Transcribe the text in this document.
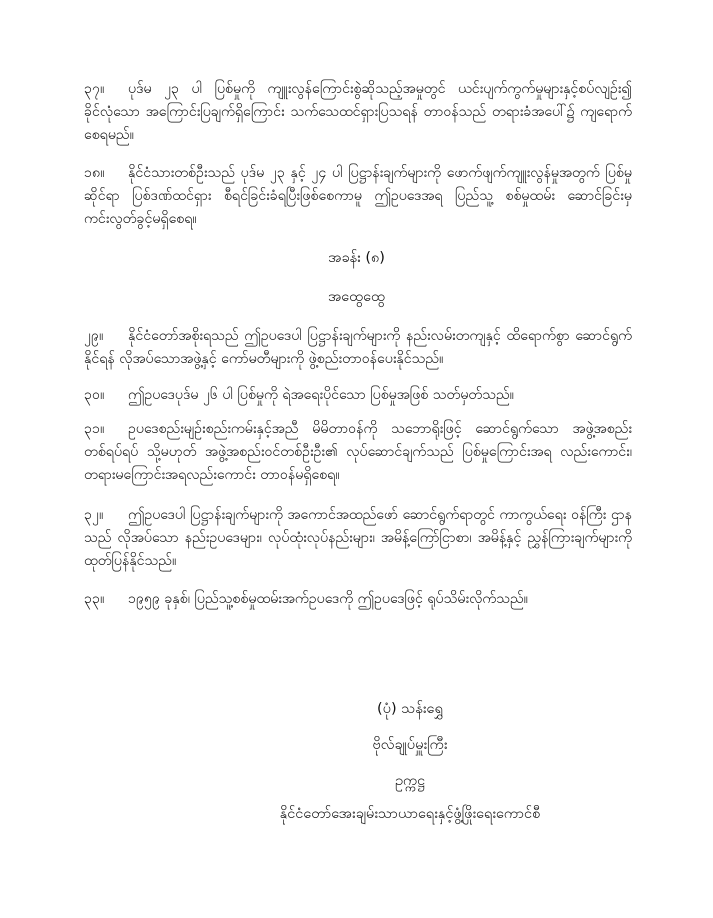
၃၇။ ပုဒ်မ ၂၃ ပါ ပြစ်မှုကို ကျူးလွန်ကြောင်းစွဲဆိုသည့်အမှုတွင် ယင်းပျက်ကွက်မှုများနှင့်စပ်လျဉ်း၍ ခိုင်လုံသော အကြောင်းပြချက်ရှိကြောင်း သက်သေထင်ရှားပြသရန် တာဝန်သည် တရားခံအပေါ်၌ ကျရောက်စေရမည်။

၁၈။ နိုင်ငံသားတစ်ဦးသည် ပုဒ်မ ၂၃ နှင့် ၂၄ ပါ ပြဋ္ဌာန်းချက်များကို ဖောက်ဖျက်ကျူးလွန်မှုအတွက် ပြစ်မှုဆိုင်ရာ ပြစ်ဒဏ်ထင်ရှား စီရင်ခြင်းခံရပြီးဖြစ်စေကာမူ ဤဥပဒေအရ ပြည်သူ့ စစ်မှုထမ်း ဆောင်ခြင်းမှ ကင်းလွတ်ခွင့်မရှိစေရ။

အခန်း (၈)

အထွေထွေ

၂၉။ နိုင်ငံတော်အစိုးရသည် ဤဥပဒေပါ ပြဋ္ဌာန်းချက်များကို နည်းလမ်းတကျနှင့် ထိရောက်စွာ ဆောင်ရွက်နိုင်ရန် လိုအပ်သောအဖွဲ့နှင့် ကော်မတီများကို ဖွဲ့စည်းတာဝန်ပေးနိုင်သည်။

၃၀။ ဤဥပဒေပုဒ်မ ၂၆ ပါ ပြစ်မှုကို ရဲအရေးပိုင်သော ပြစ်မှုအဖြစ် သတ်မှတ်သည်။

၃၁။ ဥပဒေစည်းမျဉ်းစည်းကမ်းနှင့်အညီ မိမိတာဝန်ကို သဘောရိုးဖြင့် ဆောင်ရွက်သော အဖွဲ့အစည်း တစ်ရပ်ရပ် သို့မဟုတ် အဖွဲ့အစည်းဝင်တစ်ဦးဦး၏ လုပ်ဆောင်ချက်သည် ပြစ်မှုကြောင်းအရ လည်းကောင်း၊ တရားမကြောင်းအရလည်းကောင်း တာဝန်မရှိစေရ။

၃၂။ ဤဥပဒေပါ ပြဋ္ဌာန်းချက်များကို အကောင်အထည်ဖော် ဆောင်ရွက်ရာတွင် ကာကွယ်ရေး ဝန်ကြီး ဌာနသည် လိုအပ်သော နည်းဥပဒေများ၊ လုပ်ထုံးလုပ်နည်းများ၊ အမိန့်ကြော်ငြာစာ၊ အမိန့်နှင့် ညွှန်ကြားချက်များကို ထုတ်ပြန်နိုင်သည်။

၃၃။ ၁၉၅၉ ခုနှစ်၊ ပြည်သူ့စစ်မှုထမ်းအက်ဥပဒေကို ဤဥပဒေဖြင့် ရုပ်သိမ်းလိုက်သည်။

(ပုံ) သန်းရွှေ

ဗိုလ်ချုပ်မှူးကြီး

ဥက္ကဋ္ဌ

နိုင်ငံတော်အေးချမ်းသာယာရေးနှင့်ဖွံ့ဖြိုးရေးကောင်စီ
